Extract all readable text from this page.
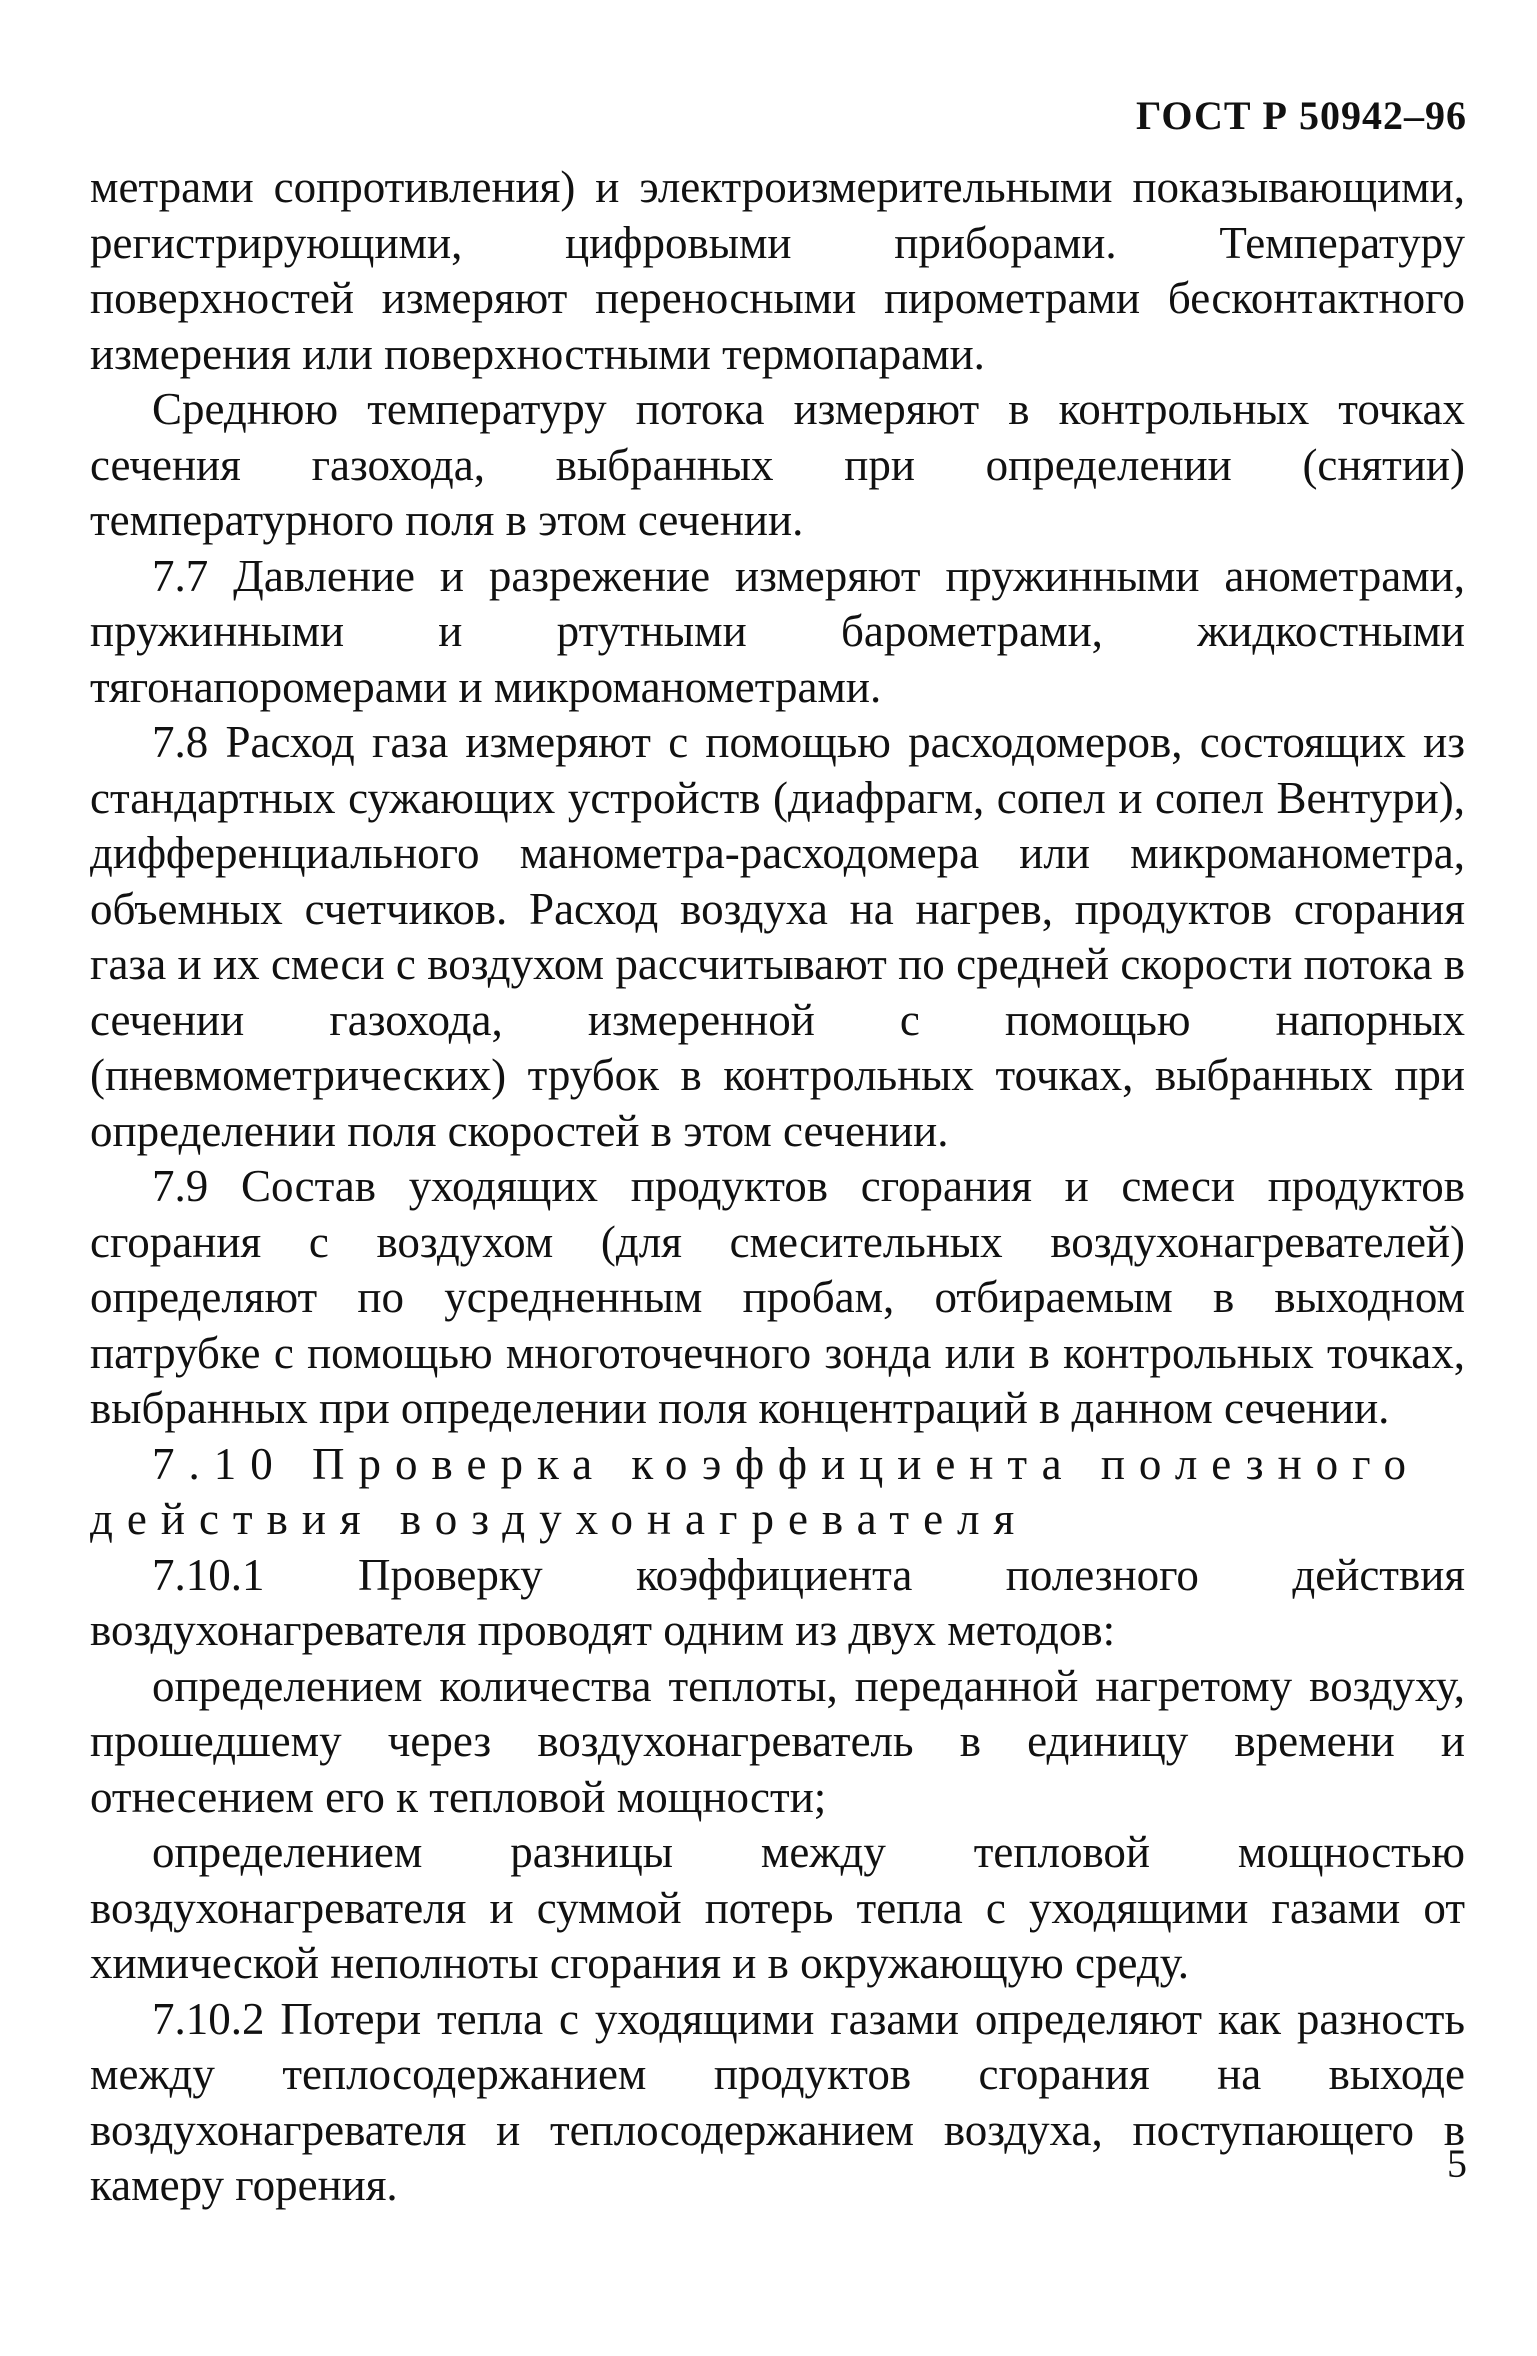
ГОСТ Р 50942–96

метрами сопротивления) и электроизмерительными показывающими, регистрирующими, цифровыми приборами. Температуру поверхностей измеряют переносными пирометрами бесконтактного измерения или поверхностными термопарами.

Среднюю температуру потока измеряют в контрольных точках сечения газохода, выбранных при определении (снятии) температурного поля в этом сечении.

7.7 Давление и разрежение измеряют пружинными анометрами, пружинными и ртутными барометрами, жидкостными тягонапоромерами и микроманометрами.

7.8 Расход газа измеряют с помощью расходомеров, состоящих из стандартных сужающих устройств (диафрагм, сопел и сопел Вентури), дифференциального манометра-расходомера или микроманометра, объемных счетчиков. Расход воздуха на нагрев, продуктов сгорания газа и их смеси с воздухом рассчитывают по средней скорости потока в сечении газохода, измеренной с помощью напорных (пневмометрических) трубок в контрольных точках, выбранных при определении поля скоростей в этом сечении.

7.9 Состав уходящих продуктов сгорания и смеси продуктов сгорания с воздухом (для смесительных воздухонагревателей) определяют по усредненным пробам, отбираемым в выходном патрубке с помощью многоточечного зонда или в контрольных точках, выбранных при определении поля концентраций в данном сечении.

7.10 Проверка коэффициента полезного действия воздухонагревателя

7.10.1 Проверку коэффициента полезного действия воздухонагревателя проводят одним из двух методов:

определением количества теплоты, переданной нагретому воздуху, прошедшему через воздухонагреватель в единицу времени и отнесением его к тепловой мощности;

определением разницы между тепловой мощностью воздухонагревателя и суммой потерь тепла с уходящими газами от химической неполноты сгорания и в окружающую среду.

7.10.2 Потери тепла с уходящими газами определяют как разность между теплосодержанием продуктов сгорания на выходе воздухонагревателя и теплосодержанием воздуха, поступающего в камеру горения.	5
